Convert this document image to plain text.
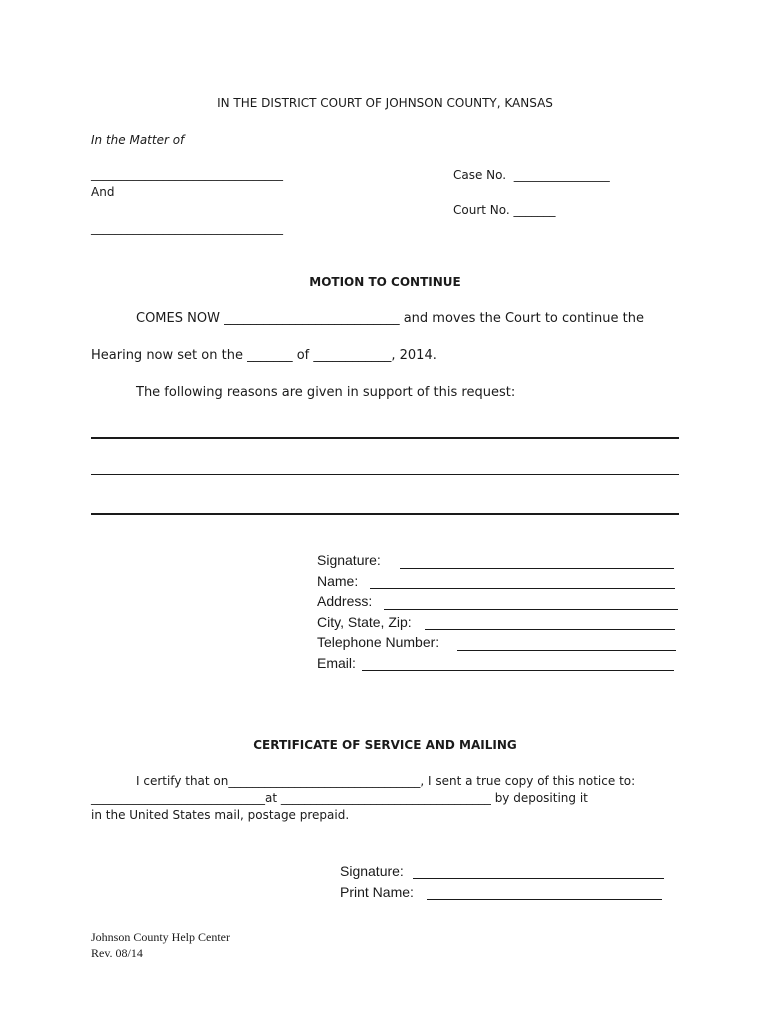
IN THE DISTRICT COURT OF JOHNSON COUNTY, KANSAS
In the Matter of
________________________________
And
________________________________
Case No.  ________________
Court No. _______
MOTION TO CONTINUE
COMES NOW ___________________________ and moves the Court to continue the
Hearing now set on the _______ of ____________, 2014.
The following reasons are given in support of this request:
Signature:
Name:
Address:
City, State, Zip:
Telephone Number:
Email:
CERTIFICATE OF SERVICE AND MAILING
I certify that on________________________________, I sent a true copy of this notice to:
_____________________________at ___________________________________ by depositing it
in the United States mail, postage prepaid.
Signature:
Print Name:
Johnson County Help Center
Rev. 08/14
